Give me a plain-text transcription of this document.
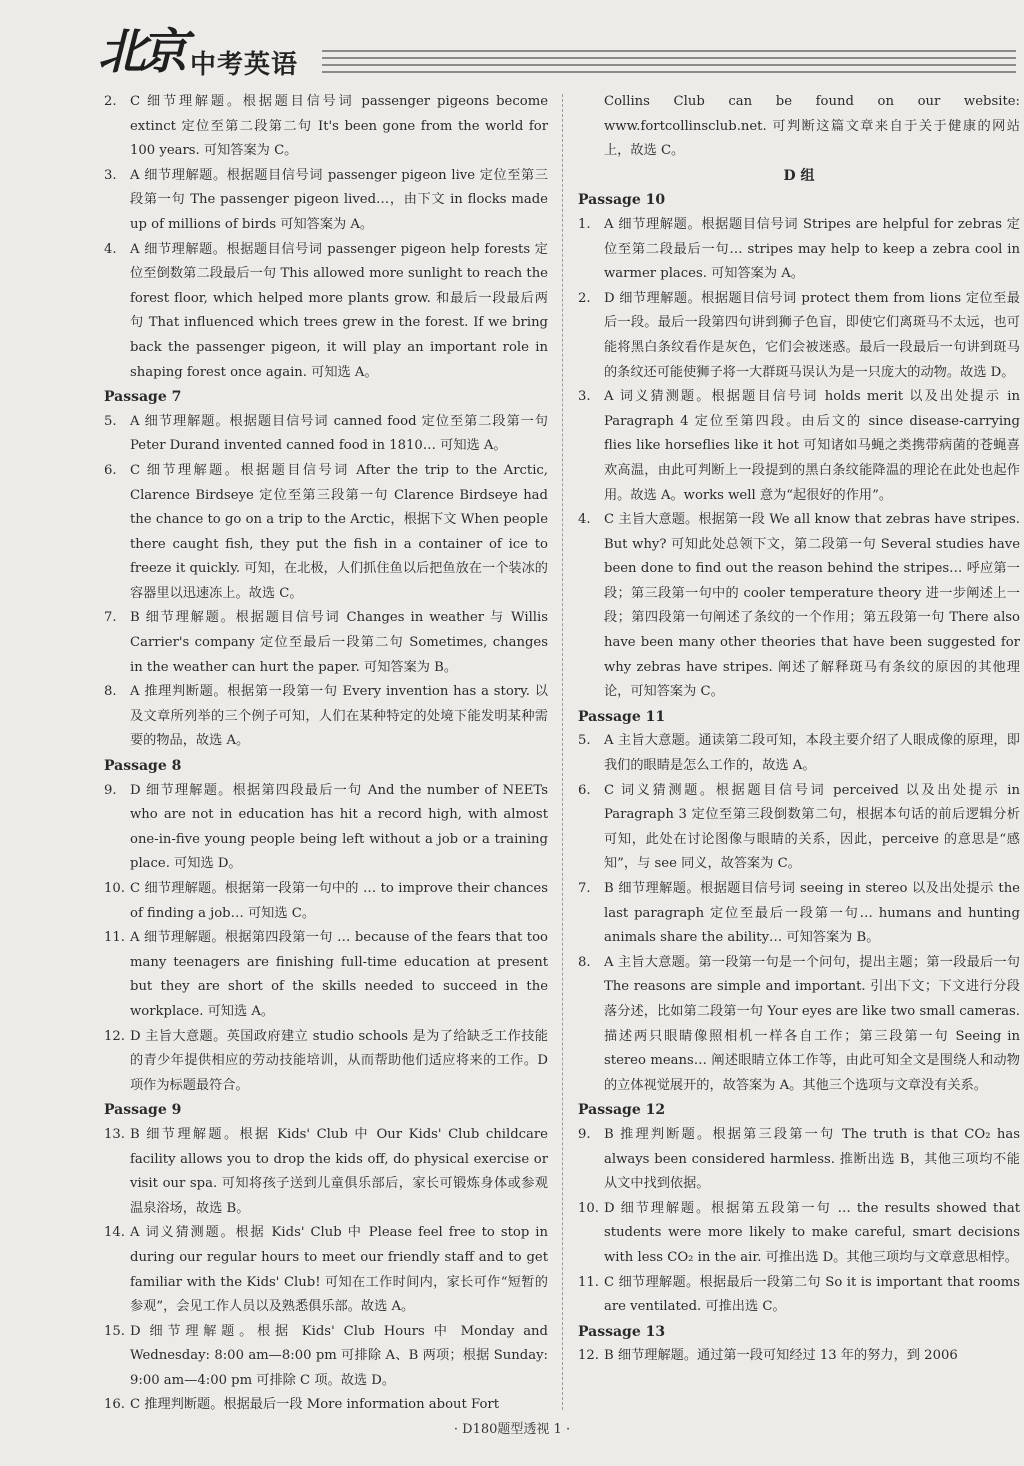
北京 中考英语

2. C 细节理解题。根据题目信号词 passenger pigeons become extinct 定位至第二段第二句 It's been gone from the world for 100 years. 可知答案为 C。

3. A 细节理解题。根据题目信号词 passenger pigeon live 定位至第三段第一句 The passenger pigeon lived…，由下文 in flocks made up of millions of birds 可知答案为 A。

4. A 细节理解题。根据题目信号词 passenger pigeon help forests 定位至倒数第二段最后一句 This allowed more sunlight to reach the forest floor, which helped more plants grow. 和最后一段最后两句 That influenced which trees grew in the forest. If we bring back the passenger pigeon, it will play an important role in shaping forest once again. 可知选 A。

Passage 7

5. A 细节理解题。根据题目信号词 canned food 定位至第二段第一句 Peter Durand invented canned food in 1810… 可知选 A。

6. C 细节理解题。根据题目信号词 After the trip to the Arctic, Clarence Birdseye 定位至第三段第一句 Clarence Birdseye had the chance to go on a trip to the Arctic，根据下文 When people there caught fish, they put the fish in a container of ice to freeze it quickly. 可知，在北极，人们抓住鱼以后把鱼放在一个装冰的容器里以迅速冻上。故选 C。

7. B 细节理解题。根据题目信号词 Changes in weather 与 Willis Carrier's company 定位至最后一段第二句 Sometimes, changes in the weather can hurt the paper. 可知答案为 B。

8. A 推理判断题。根据第一段第一句 Every invention has a story. 以及文章所列举的三个例子可知，人们在某种特定的处境下能发明某种需要的物品，故选 A。

Passage 8

9. D 细节理解题。根据第四段最后一句 And the number of NEETs who are not in education has hit a record high, with almost one-in-five young people being left without a job or a training place. 可知选 D。

10. C 细节理解题。根据第一段第一句中的 … to improve their chances of finding a job… 可知选 C。

11. A 细节理解题。根据第四段第一句 … because of the fears that too many teenagers are finishing full-time education at present but they are short of the skills needed to succeed in the workplace. 可知选 A。

12. D 主旨大意题。英国政府建立 studio schools 是为了给缺乏工作技能的青少年提供相应的劳动技能培训，从而帮助他们适应将来的工作。D 项作为标题最符合。

Passage 9

13. B 细节理解题。根据 Kids' Club 中 Our Kids' Club childcare facility allows you to drop the kids off, do physical exercise or visit our spa. 可知将孩子送到儿童俱乐部后，家长可锻炼身体或参观温泉浴场，故选 B。

14. A 词义猜测题。根据 Kids' Club 中 Please feel free to stop in during our regular hours to meet our friendly staff and to get familiar with the Kids' Club! 可知在工作时间内，家长可作“短暂的参观”，会见工作人员以及熟悉俱乐部。故选 A。

15. D 细节理解题。根据 Kids' Club Hours 中 Monday and Wednesday: 8:00 am—8:00 pm 可排除 A、B 两项；根据 Sunday: 9:00 am—4:00 pm 可排除 C 项。故选 D。

16. C 推理判断题。根据最后一段 More information about Fort

Collins Club can be found on our website: www.fortcollinsclub.net. 可判断这篇文章来自于关于健康的网站上，故选 C。

D 组

Passage 10

1. A 细节理解题。根据题目信号词 Stripes are helpful for zebras 定位至第二段最后一句… stripes may help to keep a zebra cool in warmer places. 可知答案为 A。

2. D 细节理解题。根据题目信号词 protect them from lions 定位至最后一段。最后一段第四句讲到狮子色盲，即使它们离斑马不太远，也可能将黑白条纹看作是灰色，它们会被迷惑。最后一段最后一句讲到斑马的条纹还可能使狮子将一大群斑马误认为是一只庞大的动物。故选 D。

3. A 词义猜测题。根据题目信号词 holds merit 以及出处提示 in Paragraph 4 定位至第四段。由后文的 since disease-carrying flies like horseflies like it hot 可知诸如马蝇之类携带病菌的苍蝇喜欢高温，由此可判断上一段提到的黑白条纹能降温的理论在此处也起作用。故选 A。works well 意为“起很好的作用”。

4. C 主旨大意题。根据第一段 We all know that zebras have stripes. But why? 可知此处总领下文，第二段第一句 Several studies have been done to find out the reason behind the stripes… 呼应第一段；第三段第一句中的 cooler temperature theory 进一步阐述上一段；第四段第一句阐述了条纹的一个作用；第五段第一句 There also have been many other theories that have been suggested for why zebras have stripes. 阐述了解释斑马有条纹的原因的其他理论，可知答案为 C。

Passage 11

5. A 主旨大意题。通读第二段可知，本段主要介绍了人眼成像的原理，即我们的眼睛是怎么工作的，故选 A。

6. C 词义猜测题。根据题目信号词 perceived 以及出处提示 in Paragraph 3 定位至第三段倒数第二句，根据本句话的前后逻辑分析可知，此处在讨论图像与眼睛的关系，因此，perceive 的意思是“感知”，与 see 同义，故答案为 C。

7. B 细节理解题。根据题目信号词 seeing in stereo 以及出处提示 the last paragraph 定位至最后一段第一句… humans and hunting animals share the ability… 可知答案为 B。

8. A 主旨大意题。第一段第一句是一个问句，提出主题；第一段最后一句 The reasons are simple and important. 引出下文；下文进行分段落分述，比如第二段第一句 Your eyes are like two small cameras. 描述两只眼睛像照相机一样各自工作；第三段第一句 Seeing in stereo means… 阐述眼睛立体工作等，由此可知全文是围绕人和动物的立体视觉展开的，故答案为 A。其他三个选项与文章没有关系。

Passage 12

9. B 推理判断题。根据第三段第一句 The truth is that CO₂ has always been considered harmless. 推断出选 B，其他三项均不能从文中找到依据。

10. D 细节理解题。根据第五段第一句 … the results showed that students were more likely to make careful, smart decisions with less CO₂ in the air. 可推出选 D。其他三项均与文章意思相悖。

11. C 细节理解题。根据最后一段第二句 So it is important that rooms are ventilated. 可推出选 C。

Passage 13

12. B 细节理解题。通过第一段可知经过 13 年的努力，到 2006

· D180题型透视 1 ·
